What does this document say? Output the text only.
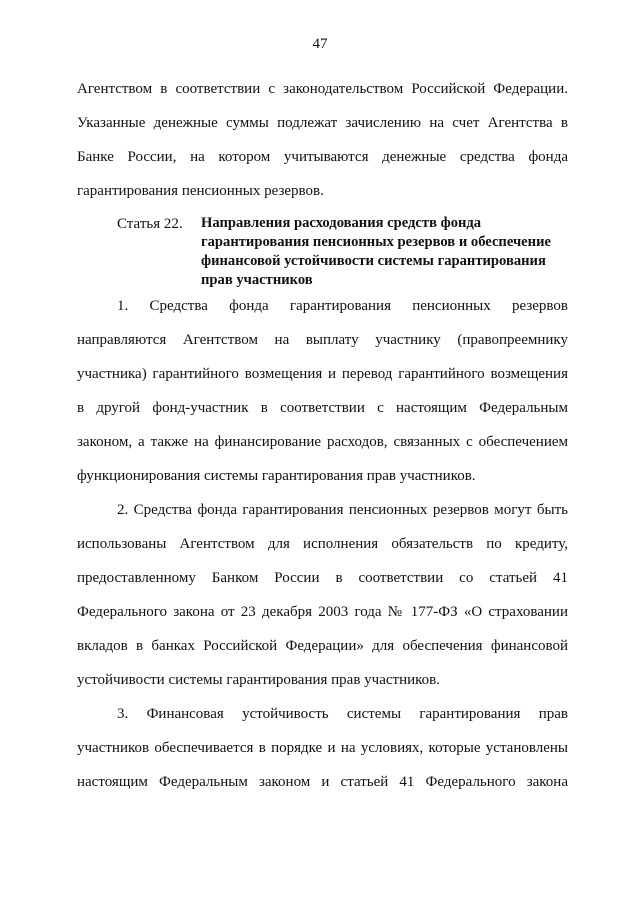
47
Агентством в соответствии с законодательством Российской Федерации.
Указанные денежные суммы подлежат зачислению на счет Агентства в
Банке России, на котором учитываются денежные средства фонда
гарантирования пенсионных резервов.
Статья 22. Направления расходования средств фонда
гарантирования пенсионных резервов и обеспечение
финансовой устойчивости системы гарантирования
прав участников
1. Средства фонда гарантирования пенсионных резервов
направляются Агентством на выплату участнику (правопреемнику
участника) гарантийного возмещения и перевод гарантийного возмещения
в другой фонд-участник в соответствии с настоящим Федеральным
законом, а также на финансирование расходов, связанных с обеспечением
функционирования системы гарантирования прав участников.
2. Средства фонда гарантирования пенсионных резервов могут быть
использованы Агентством для исполнения обязательств по кредиту,
предоставленному Банком России в соответствии со статьей 41
Федерального закона от 23 декабря 2003 года № 177-ФЗ «О страховании
вкладов в банках Российской Федерации» для обеспечения финансовой
устойчивости системы гарантирования прав участников.
3. Финансовая устойчивость системы гарантирования прав
участников обеспечивается в порядке и на условиях, которые установлены
настоящим Федеральным законом и статьей 41 Федерального закона
